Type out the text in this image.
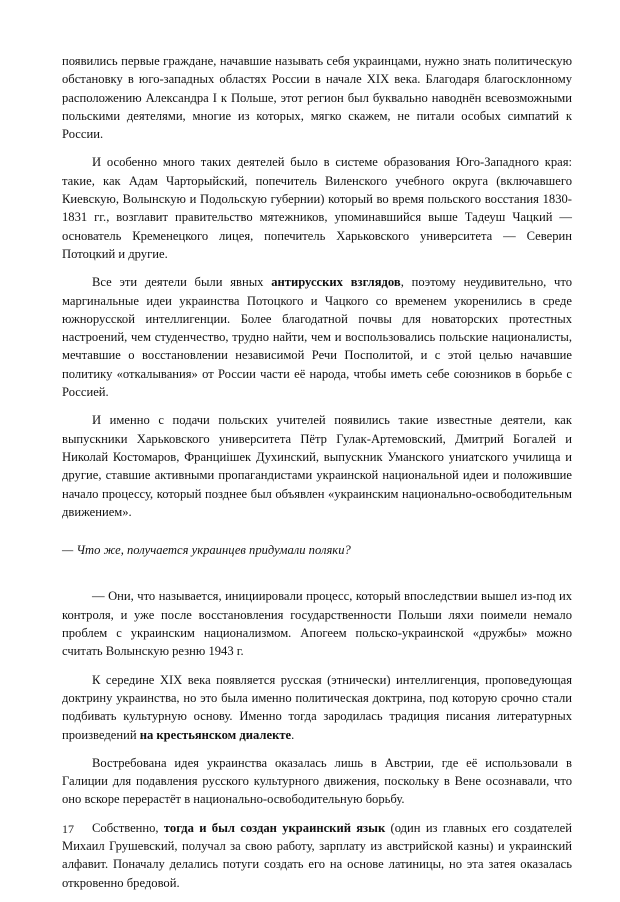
появились первые граждане, начавшие называть себя украинцами, нужно знать политическую обстановку в юго-западных областях России в начале XIX века. Благодаря благосклонному расположению Александра I к Польше, этот регион был буквально наводнён всевозможными польскими деятелями, многие из которых, мягко скажем, не питали особых симпатий к России.

И особенно много таких деятелей было в системе образования Юго-Западного края: такие, как Адам Чарторыйский, попечитель Виленского учебного округа (включавшего Киевскую, Волынскую и Подольскую губернии) который во время польского восстания 1830-1831 гг., возглавит правительство мятежников, упоминавшийся выше Тадеуш Чацкий — основатель Кременецкого лицея, попечитель Харьковского университета — Северин Потоцкий и другие.

Все эти деятели были явных антирусских взглядов, поэтому неудивительно, что маргинальные идеи украинства Потоцкого и Чацкого со временем укоренились в среде южнорусской интеллигенции. Более благодатной почвы для новаторских протестных настроений, чем студенчество, трудно найти, чем и воспользовались польские националисты, мечтавшие о восстановлении независимой Речи Посполитой, и с этой целью начавшие политику «откалывания» от России части её народа, чтобы иметь себе союзников в борьбе с Россией.

И именно с подачи польских учителей появились такие известные деятели, как выпускники Харьковского университета Пётр Гулак-Артемовский, Дмитрий Богалей и Николай Костомаров, Франциішек Духинский, выпускник Уманского униатского училища и другие, ставшие активными пропагандистами украинской национальной идеи и положившие начало процессу, который позднее был объявлен «украинским национально-освободительным движением».

— Что же, получается украинцев придумали поляки?

— Они, что называется, инициировали процесс, который впоследствии вышел из-под их контроля, и уже после восстановления государственности Польши ляхи поимели немало проблем с украинским национализмом. Апогеем польско-украинской «дружбы» можно считать Волынскую резню 1943 г.

К середине XIX века появляется русская (этнически) интеллигенция, проповедующая доктрину украинства, но это была именно политическая доктрина, под которую срочно стали подбивать культурную основу. Именно тогда зародилась традиция писания литературных произведений на крестьянском диалекте.

Востребована идея украинства оказалась лишь в Австрии, где её использовали в Галиции для подавления русского культурного движения, поскольку в Вене осознавали, что оно вскоре перерастёт в национально-освободительную борьбу.

Собственно, тогда и был создан украинский язык (один из главных его создателей Михаил Грушевский, получал за свою работу, зарплату из австрийской казны) и украинский алфавит. Поначалу делались потуги создать его на основе латиницы, но эта затея оказалась откровенно бредовой.

17
